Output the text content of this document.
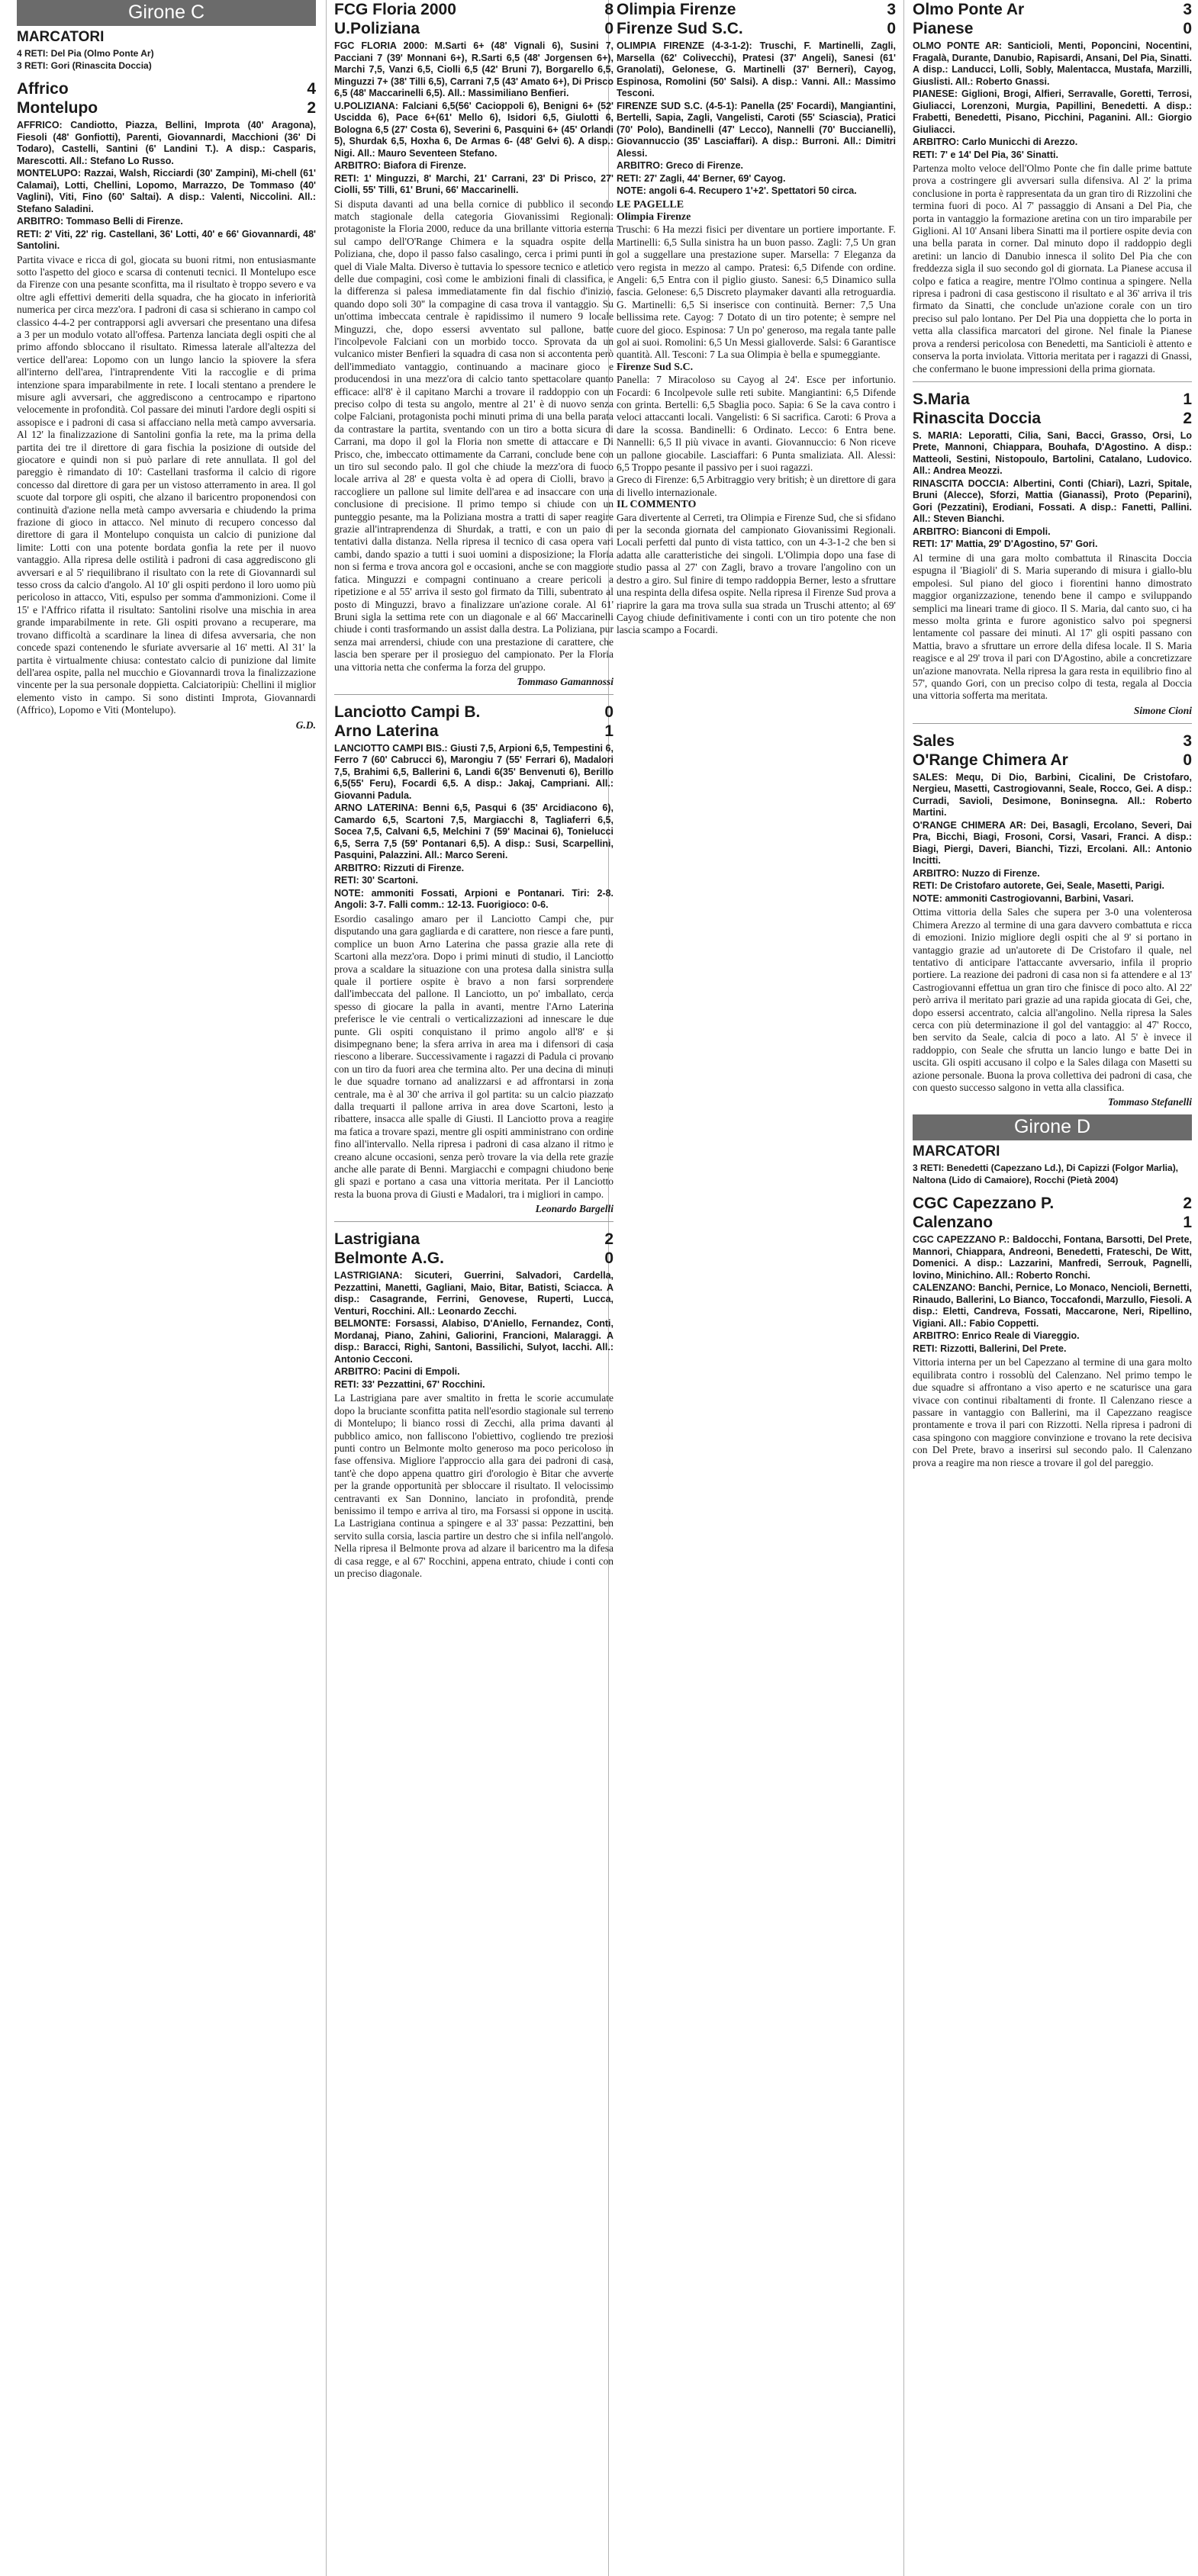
Girone C
MARCATORI
4 RETI: Del Pia (Olmo Ponte Ar)
3 RETI: Gori (Rinascita Doccia)
Affrico	4
Montelupo	2

AFFRICO: Candiotto, Piazza, Bellini, Improta (40' Aragona), Fiesoli (48' Gonfiotti), Parenti, Giovannardi, Macchioni (36' Di Todaro), Castelli, Santini (6' Landini T.). A disp.: Casparis, Marescotti. All.: Stefano Lo Russo.

MONTELUPO: Razzai, Walsh, Ricciardi (30' Zampini), Mi-chell (61' Calamai), Lotti, Chellini, Lopomo, Marrazzo, De Tommaso (40' Vaglini), Viti, Fino (60' Saltai). A disp.: Valenti, Niccolini. All.: Stefano Saladini.

ARBITRO: Tommaso Belli di Firenze.

RETI: 2' Viti, 22' rig. Castellani, 36' Lotti, 40' e 66' Giovannardi, 48' Santolini.

Partita vivace e ricca di gol, giocata su buoni ritmi, non entusiasmante sotto l'aspetto del gioco e scarsa di contenuti tecnici. Il Montelupo esce da Firenze con una pesante sconfitta, ma il risultato è troppo severo e va oltre agli effettivi demeriti della squadra, che ha giocato in inferiorità numerica per circa mezz'ora. I padroni di casa si schierano in campo col classico 4-4-2 per contrapporsi agli avversari che presentano una difesa a 3 per un modulo votato all'offesa. Partenza lanciata degli ospiti che al primo affondo sbloccano il risultato. Rimessa laterale all'altezza del vertice dell'area: Lopomo con un lungo lancio la spiovere la sfera all'interno dell'area, l'intraprendente Viti la raccoglie e di prima intenzione spara imparabilmente in rete. I locali stentano a prendere le misure agli avversari, che aggrediscono a centrocampo e ripartono velocemente in profondità. Col passare dei minuti l'ardore degli ospiti si assopisce e i padroni di casa si affacciano nella metà campo avversaria. Al 12' la finalizzazione di Santolini gonfia la rete, ma la prima della partita dei tre il direttore di gara fischia la posizione di outside del giocatore e quindi non si può parlare di rete annullata. Il gol del pareggio è rimandato di 10': Castellani trasforma il calcio di rigore concesso dal direttore di gara per un vistoso atterramento in area. Il gol scuote dal torpore gli ospiti, che alzano il baricentro proponendosi con continuità d'azione nella metà campo avversaria e chiudendo la prima frazione di gioco in attacco. Nel minuto di recupero concesso dal direttore di gara il Montelupo conquista un calcio di punizione dal limite: Lotti con una potente bordata gonfia la rete per il nuovo vantaggio. Alla ripresa delle ostilità i padroni di casa aggrediscono gli avversari e al 5' riequilibrano il risultato con la rete di Giovannardi sul tesso cross da calcio d'angolo. Al 10' gli ospiti perdono il loro uomo più pericoloso in attacco, Viti, espulso per somma d'ammonizioni. Come il 15' e l'Affrico rifatta il risultato: Santolini risolve una mischia in area grande imparabilmente in rete. Gli ospiti provano a recuperare, ma trovano difficoltà a scardinare la linea di difesa avversaria, che non concede spazi contenendo le sfuriate avversarie al 16' metti. Al 31' la partita è virtualmente chiusa: contestato calcio di punizione dal limite dell'area ospite, palla nel mucchio e Giovannardi trova la finalizzazione vincente per la sua personale doppietta. Calciatoripiù: Chellini il miglior elemento visto in campo. Si sono distinti Improta, Giovannardi (Affrico), Lopomo e Viti (Montelupo).

G.D.
FCG Floria 2000	8
U.Poliziana	0

FGC FLORIA 2000: M.Sarti 6+ (48' Vignali 6), Susini 7, Pacciani 7 (39' Monnani 6+), R.Sarti 6,5 (48' Jorgensen 6+), Marchi 7,5, Vanzi 6,5, Ciolli 6,5 (42' Bruni 7), Borgarello 6,5, Minguzzi 7+ (38' Tilli 6,5), Carrani 7,5 (43' Amato 6+), Di Prisco 6,5 (48' Maccarinelli 6,5). All.: Massimiliano Benfieri.

U.POLIZIANA: Falciani 6,5(56' Cacioppoli 6), Benigni 6+ (52' Uscidda 6), Pace 6+(61' Mello 6), Isidori 6,5, Giulotti 6, Bologna 6,5 (27' Costa 6), Severini 6, Pasquini 6+ (45' Orlandi 5), Shurdak 6,5, Hoxha 6, De Armas 6- (48' Gelvi 6). A disp.: Nigi. All.: Mauro Seventeen Stefano.

ARBITRO: Biafora di Firenze.

RETI: 1' Minguzzi, 8' Marchi, 21' Carrani, 23' Di Prisco, 27' Ciolli, 55' Tilli, 61' Bruni, 66' Maccarinelli.

Si disputa davanti ad una bella cornice di pubblico il secondo match stagionale della categoria Giovanissimi Regionali: protagoniste la Floria 2000, reduce da una brillante vittoria esterna sul campo dell'O'Range Chimera e la squadra ospite della Poliziana, che, dopo il passo falso casalingo, cerca i primi punti in quel di Viale Malta. Diverso è tuttavia lo spessore tecnico e atletico delle due compagini, così come le ambizioni finali di classifica, e la differenza si palesa immediatamente fin dal fischio d'inizio, quando dopo soli 30'' la compagine di casa trova il vantaggio. Su un'ottima imbeccata centrale è rapidissimo il numero 9 locale Minguzzi, che, dopo essersi avventato sul pallone, batte l'incolpevole Falciani con un morbido tocco. Sprovata da un vulcanico mister Benfieri la squadra di casa non si accontenta però dell'immediato vantaggio, continuando a macinare gioco e producendosi in una mezz'ora di calcio tanto spettacolare quanto efficace: all'8' è il capitano Marchi a trovare il raddoppio con un preciso colpo di testa su angolo, mentre al 21' è di nuovo senza colpe Falciani, protagonista pochi minuti prima di una bella parata da contrastare la partita, sventando con un tiro a botta sicura di Carrani, ma dopo il gol la Floria non smette di attaccare e Di Prisco, che, imbeccato ottimamente da Carrani, conclude bene con un tiro sul secondo palo. Il gol che chiude la mezz'ora di fuoco locale arriva al 28' e questa volta è ad opera di Ciolli, bravo a raccogliere un pallone sul limite dell'area e ad insaccare con una conclusione di precisione. Il primo tempo si chiude con un punteggio pesante, ma la Poliziana mostra a tratti di saper reagire grazie all'intraprendenza di Shurdak, a tratti, e con un paio di tentativi dalla distanza. Nella ripresa il tecnico di casa opera vari cambi, dando spazio a tutti i suoi uomini a disposizione; la Floria non si ferma e trova ancora gol e occasioni, anche se con maggiore fatica. Minguzzi e compagni continuano a creare pericoli a ripetizione e al 55' arriva il sesto gol firmato da Tilli, subentrato al posto di Minguzzi, bravo a finalizzare un'azione corale. Al 61' Bruni sigla la settima rete con un diagonale e al 66' Maccarinelli chiude i conti trasformando un assist dalla destra. La Poliziana, pur senza mai arrendersi, chiude con una prestazione di carattere, che lascia ben sperare per il prosieguo del campionato. Per la Floria una vittoria netta che conferma la forza del gruppo.

Tommaso Gamannossi
Lanciotto Campi B.	0
Arno Laterina	1

LANCIOTTO CAMPI BIS.: Giusti 7,5, Arpioni 6,5, Tempestini 6, Ferro 7 (60' Cabrucci 6), Marongiu 7 (55' Ferrari 6), Madalori 7,5, Brahimi 6,5, Ballerini 6, Landi 6(35' Benvenuti 6), Berillo 6,5(55' Feru), Focardi 6,5. A disp.: Jakaj, Campriani. All.: Giovanni Padula.

ARNO LATERINA: Benni 6,5, Pasqui 6 (35' Arcidiacono 6), Camardo 6,5, Scartoni 7,5, Margiacchi 8, Tagliaferri 6,5, Socea 7,5, Calvani 6,5, Melchini 7 (59' Macinai 6), Tonielucci 6,5, Serra 7,5 (59' Pontanari 6,5). A disp.: Susi, Scarpellini, Pasquini, Palazzini. All.: Marco Sereni.

ARBITRO: Rizzuti di Firenze.

RETI: 30' Scartoni.

NOTE: ammoniti Fossati, Arpioni e Pontanari. Tiri: 2-8. Angoli: 3-7. Falli comm.: 12-13. Fuorigioco: 0-6.

Esordio casalingo amaro per il Lanciotto Campi che, pur disputando una gara gagliarda e di carattere, non riesce a fare punti, complice un buon Arno Laterina che passa grazie alla rete di Scartoni alla mezz'ora. Dopo i primi minuti di studio, il Lanciotto prova a scaldare la situazione con una protesa dalla sinistra sulla quale il portiere ospite è bravo a non farsi sorprendere dall'imbeccata del pallone. Il Lanciotto, un po' imballato, cerca spesso di giocare la palla in avanti, mentre l'Arno Laterina preferisce le vie centrali o verticalizzazioni ad innescare le due punte. Gli ospiti conquistano il primo angolo all'8' e si disimpegnano bene; la sfera arriva in area ma i difensori di casa riescono a liberare. Successivamente i ragazzi di Padula ci provano con un tiro da fuori area che termina alto. Per una decina di minuti le due squadre tornano ad analizzarsi e ad affrontarsi in zona centrale, ma è al 30' che arriva il gol partita: su un calcio piazzato dalla trequarti il pallone arriva in area dove Scartoni, lesto a ribattere, insacca alle spalle di Giusti. Il Lanciotto prova a reagire ma fatica a trovare spazi, mentre gli ospiti amministrano con ordine fino all'intervallo. Nella ripresa i padroni di casa alzano il ritmo e creano alcune occasioni, senza però trovare la via della rete grazie anche alle parate di Benni. Margiacchi e compagni chiudono bene gli spazi e portano a casa una vittoria meritata. Per il Lanciotto resta la buona prova di Giusti e Madalori, tra i migliori in campo.

Leonardo Bargelli
Lastrigiana	2
Belmonte A.G.	0

LASTRIGIANA: Sicuteri, Guerrini, Salvadori, Cardella, Pezzattini, Manetti, Gagliani, Maio, Bitar, Batisti, Sciacca. A disp.: Casagrande, Ferrini, Genovese, Ruperti, Lucca, Venturi, Rocchini. All.: Leonardo Zecchi.

BELMONTE: Forsassi, Alabiso, D'Aniello, Fernandez, Conti, Mordanaj, Piano, Zahini, Galiorini, Francioni, Malaraggi. A disp.: Baracci, Righi, Santoni, Bassilichi, Sulyot, Iacchi. All.: Antonio Cecconi.

ARBITRO: Pacini di Empoli.

RETI: 33' Pezzattini, 67' Rocchini.

La Lastrigiana pare aver smaltito in fretta le scorie accumulate dopo la bruciante sconfitta patita nell'esordio stagionale sul terreno di Montelupo; li bianco rossi di Zecchi, alla prima davanti al pubblico amico, non falliscono l'obiettivo, cogliendo tre preziosi punti contro un Belmonte molto generoso ma poco pericoloso in fase offensiva. Migliore l'approccio alla gara dei padroni di casa, tant'è che dopo appena quattro giri d'orologio è Bitar che avverte per la grande opportunità per sbloccare il risultato. Il velocissimo centravanti ex San Donnino, lanciato in profondità, prende benissimo il tempo e arriva al tiro, ma Forsassi si oppone in uscita. La Lastrigiana continua a spingere e al 33' passa: Pezzattini, ben servito sulla corsia, lascia partire un destro che si infila nell'angolo. Nella ripresa il Belmonte prova ad alzare il baricentro ma la difesa di casa regge, e al 67' Rocchini, appena entrato, chiude i conti con un preciso diagonale.

Olimpia Firenze	3
Firenze Sud S.C.	0

OLIMPIA FIRENZE (4-3-1-2): Truschi, F. Martinelli, Zagli, Marsella (62' Colivecchi), Pratesi (37' Angeli), Sanesi (61' Granolati), Gelonese, G. Martinelli (37' Berneri), Cayog, Espinosa, Romolini (50' Salsi). A disp.: Vanni. All.: Massimo Tesconi.

FIRENZE SUD S.C. (4-5-1): Panella (25' Focardi), Mangiantini, Bertelli, Sapia, Zagli, Vangelisti, Caroti (55' Sciascia), Pratici (70' Polo), Bandinelli (47' Lecco), Nannelli (70' Buccianelli), Giovannuccio (35' Lasciaffari). A disp.: Burroni. All.: Dimitri Alessi.

ARBITRO: Greco di Firenze.

RETI: 27' Zagli, 44' Berner, 69' Cayog.

NOTE: angoli 6-4. Recupero 1'+2'. Spettatori 50 circa.

LE PAGELLE

Olimpia Firenze

Truschi: 6 Ha mezzi fisici per diventare un portiere importante. F. Martinelli: 6,5 Sulla sinistra ha un buon passo. Zagli: 7,5 Un gran gol a suggellare una prestazione super. Marsella: 7 Eleganza da vero regista in mezzo al campo. Pratesi: 6,5 Difende con ordine. Angeli: 6,5 Entra con il piglio giusto. Sanesi: 6,5 Dinamico sulla fascia. Gelonese: 6,5 Discreto playmaker davanti alla retroguardia. G. Martinelli: 6,5 Si inserisce con continuità. Berner: 7,5 Una bellissima rete. Cayog: 7 Dotato di un tiro potente; è sempre nel cuore del gioco. Espinosa: 7 Un po' generoso, ma regala tante palle gol ai suoi. Romolini: 6,5 Un Messi gialloverde. Salsi: 6 Garantisce quantità. All. Tesconi: 7 La sua Olimpia è bella e spumeggiante.

Firenze Sud S.C.

Panella: 7 Miracoloso su Cayog al 24'. Esce per infortunio. Focardi: 6 Incolpevole sulle reti subite. Mangiantini: 6,5 Difende con grinta. Bertelli: 6,5 Sbaglia poco. Sapia: 6 Se la cava contro i veloci attaccanti locali. Vangelisti: 6 Si sacrifica. Caroti: 6 Prova a dare la scossa. Bandinelli: 6 Ordinato. Lecco: 6 Entra bene. Nannelli: 6,5 Il più vivace in avanti. Giovannuccio: 6 Non riceve un pallone giocabile. Lasciaffari: 6 Punta smaliziata. All. Alessi: 6,5 Troppo pesante il passivo per i suoi ragazzi.

Greco di Firenze: 6,5 Arbitraggio very british; è un direttore di gara di livello internazionale.

IL COMMENTO

Gara divertente al Cerreti, tra Olimpia e Firenze Sud, che si sfidano per la seconda giornata del campionato Giovanissimi Regionali. Locali perfetti dal punto di vista tattico, con un 4-3-1-2 che ben si adatta alle caratteristiche dei singoli. L'Olimpia dopo una fase di studio passa al 27' con Zagli, bravo a trovare l'angolino con un destro a giro. Sul finire di tempo raddoppia Berner, lesto a sfruttare una respinta della difesa ospite. Nella ripresa il Firenze Sud prova a riaprire la gara ma trova sulla sua strada un Truschi attento; al 69' Cayog chiude definitivamente i conti con un tiro potente che non lascia scampo a Focardi.

Olmo Ponte Ar	3
Pianese	0

OLMO PONTE AR: Santicioli, Menti, Poponcini, Nocentini, Fragalà, Durante, Danubio, Rapisardi, Ansani, Del Pia, Sinatti. A disp.: Landucci, Lolli, Sobly, Malentacca, Mustafa, Marzilli, Giuslisti. All.: Roberto Gnassi.

PIANESE: Giglioni, Brogi, Alfieri, Serravalle, Goretti, Terrosi, Giuliacci, Lorenzoni, Murgia, Papillini, Benedetti. A disp.: Frabetti, Benedetti, Pisano, Picchini, Paganini. All.: Giorgio Giuliacci.

ARBITRO: Carlo Municchi di Arezzo.

RETI: 7' e 14' Del Pia, 36' Sinatti.

Partenza molto veloce dell'Olmo Ponte che fin dalle prime battute prova a costringere gli avversari sulla difensiva. Al 2' la prima conclusione in porta è rappresentata da un gran tiro di Rizzolini che termina fuori di poco. Al 7' passaggio di Ansani a Del Pia, che porta in vantaggio la formazione aretina con un tiro imparabile per Giglioni. Al 10' Ansani libera Sinatti ma il portiere ospite devia con una bella parata in corner. Dal minuto dopo il raddoppio degli aretini: un lancio di Danubio innesca il solito Del Pia che con freddezza sigla il suo secondo gol di giornata. La Pianese accusa il colpo e fatica a reagire, mentre l'Olmo continua a spingere. Nella ripresa i padroni di casa gestiscono il risultato e al 36' arriva il tris firmato da Sinatti, che conclude un'azione corale con un tiro preciso sul palo lontano. Per Del Pia una doppietta che lo porta in vetta alla classifica marcatori del girone. Nel finale la Pianese prova a rendersi pericolosa con Benedetti, ma Santicioli è attento e conserva la porta inviolata. Vittoria meritata per i ragazzi di Gnassi, che confermano le buone impressioni della prima giornata.

S.Maria	1
Rinascita Doccia	2

S. MARIA: Leporatti, Cilia, Sani, Bacci, Grasso, Orsi, Lo Prete, Mannoni, Chiappara, Bouhafa, D'Agostino. A disp.: Matteoli, Sestini, Nistopoulo, Bartolini, Catalano, Ludovico. All.: Andrea Meozzi.

RINASCITA DOCCIA: Albertini, Conti (Chiari), Lazri, Spitale, Bruni (Alecce), Sforzi, Mattia (Gianassi), Proto (Peparini), Gori (Pezzatini), Erodiani, Fossati. A disp.: Fanetti, Pallini. All.: Steven Bianchi.

ARBITRO: Bianconi di Empoli.

RETI: 17' Mattia, 29' D'Agostino, 57' Gori.

Al termine di una gara molto combattuta il Rinascita Doccia espugna il 'Biagioli' di S. Maria superando di misura i giallo-blu empolesi. Sul piano del gioco i fiorentini hanno dimostrato maggior organizzazione, tenendo bene il campo e sviluppando semplici ma lineari trame di gioco. Il S. Maria, dal canto suo, ci ha messo molta grinta e furore agonistico salvo poi spegnersi lentamente col passare dei minuti. Al 17' gli ospiti passano con Mattia, bravo a sfruttare un errore della difesa locale. Il S. Maria reagisce e al 29' trova il pari con D'Agostino, abile a concretizzare un'azione manovrata. Nella ripresa la gara resta in equilibrio fino al 57', quando Gori, con un preciso colpo di testa, regala al Doccia una vittoria sofferta ma meritata.

Simone Cioni
Sales	3
O'Range Chimera Ar	0

SALES: Mequ, Di Dio, Barbini, Cicalini, De Cristofaro, Nergieu, Masetti, Castrogiovanni, Seale, Rocco, Gei. A disp.: Curradi, Savioli, Desimone, Boninsegna. All.: Roberto Martini.

O'RANGE CHIMERA AR: Dei, Basagli, Ercolano, Severi, Dai Pra, Bicchi, Biagi, Frosoni, Corsi, Vasari, Franci. A disp.: Biagi, Piergi, Daveri, Bianchi, Tizzi, Ercolani. All.: Antonio Incitti.

ARBITRO: Nuzzo di Firenze.

RETI: De Cristofaro autorete, Gei, Seale, Masetti, Parigi.

NOTE: ammoniti Castrogiovanni, Barbini, Vasari.

Ottima vittoria della Sales che supera per 3-0 una volenterosa Chimera Arezzo al termine di una gara davvero combattuta e ricca di emozioni. Inizio migliore degli ospiti che al 9' si portano in vantaggio grazie ad un'autorete di De Cristofaro il quale, nel tentativo di anticipare l'attaccante avversario, infila il proprio portiere. La reazione dei padroni di casa non si fa attendere e al 13' Castrogiovanni effettua un gran tiro che finisce di poco alto. Al 22' però arriva il meritato pari grazie ad una rapida giocata di Gei, che, dopo essersi accentrato, calcia all'angolino. Nella ripresa la Sales cerca con più determinazione il gol del vantaggio: al 47' Rocco, ben servito da Seale, calcia di poco a lato. Al 5' è invece il raddoppio, con Seale che sfrutta un lancio lungo e batte Dei in uscita. Gli ospiti accusano il colpo e la Sales dilaga con Masetti su azione personale. Buona la prova collettiva dei padroni di casa, che con questo successo salgono in vetta alla classifica.

Tommaso Stefanelli
Girone D
MARCATORI
3 RETI: Benedetti (Capezzano Ld.), Di Capizzi (Folgor Marlia), Naltona (Lido di Camaiore), Rocchi (Pietà 2004)
CGC Capezzano P.	2
Calenzano	1

CGC CAPEZZANO P.: Baldocchi, Fontana, Barsotti, Del Prete, Mannori, Chiappara, Andreoni, Benedetti, Frateschi, De Witt, Domenici. A disp.: Lazzarini, Manfredi, Serrouk, Pagnelli, lovino, Minichino. All.: Roberto Ronchi.

CALENZANO: Banchi, Pernice, Lo Monaco, Nencioli, Bernetti, Rinaudo, Ballerini, Lo Bianco, Toccafondi, Marzullo, Fiesoli. A disp.: Eletti, Candreva, Fossati, Maccarone, Neri, Ripellino, Vigiani. All.: Fabio Coppetti.

ARBITRO: Enrico Reale di Viareggio.

RETI: Rizzotti, Ballerini, Del Prete.

Vittoria interna per un bel Capezzano al termine di una gara molto equilibrata contro i rossoblù del Calenzano. Nel primo tempo le due squadre si affrontano a viso aperto e ne scaturisce una gara vivace con continui ribaltamenti di fronte. Il Calenzano riesce a passare in vantaggio con Ballerini, ma il Capezzano reagisce prontamente e trova il pari con Rizzotti. Nella ripresa i padroni di casa spingono con maggiore convinzione e trovano la rete decisiva con Del Prete, bravo a inserirsi sul secondo palo. Il Calenzano prova a reagire ma non riesce a trovare il gol del pareggio.
